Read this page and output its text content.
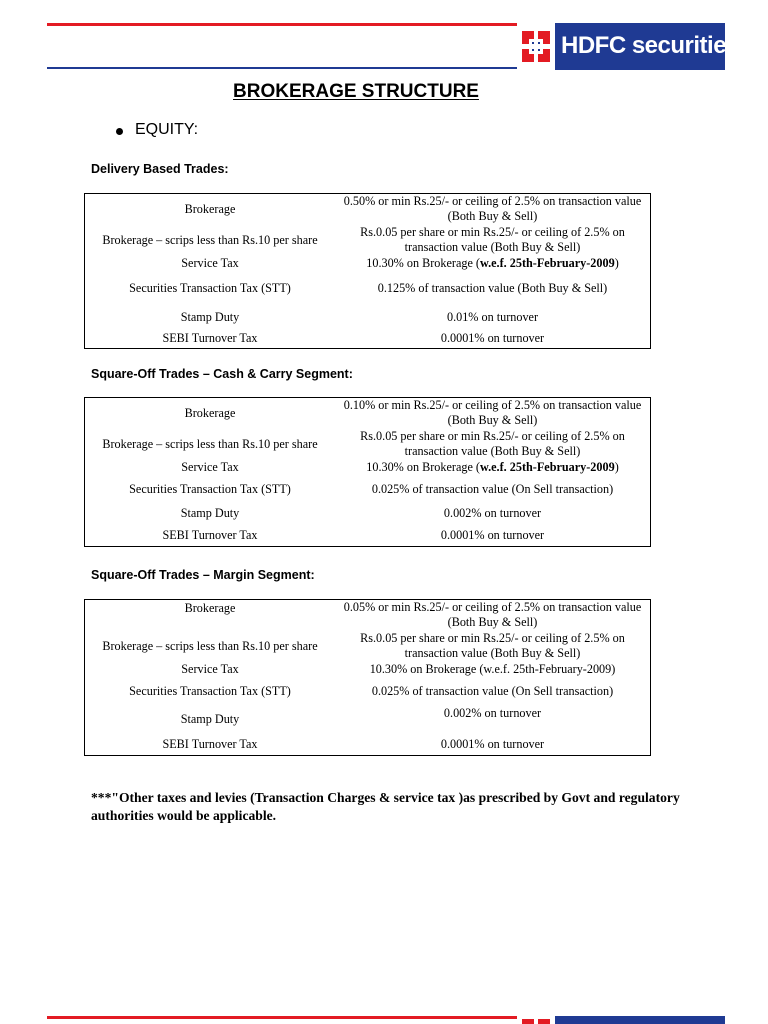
HDFC securities
BROKERAGE STRUCTURE
EQUITY:
Delivery Based Trades:
Brokerage	0.50% or min Rs.25/- or ceiling of 2.5% on transaction value (Both Buy & Sell)
Brokerage – scrips less than Rs.10 per share	Rs.0.05 per share or min Rs.25/- or ceiling of 2.5% on transaction value (Both Buy & Sell)
Service Tax	10.30% on Brokerage (w.e.f. 25th-February-2009)
Securities Transaction Tax (STT)	0.125% of transaction value (Both Buy & Sell)
Stamp Duty	0.01% on turnover
SEBI Turnover Tax	0.0001% on turnover
Square-Off Trades – Cash & Carry Segment:
Brokerage	0.10% or min Rs.25/- or ceiling of 2.5% on transaction value (Both Buy & Sell)
Brokerage – scrips less than Rs.10 per share	Rs.0.05 per share or min Rs.25/- or ceiling of 2.5% on transaction value (Both Buy & Sell)
Service Tax	10.30% on Brokerage (w.e.f. 25th-February-2009)
Securities Transaction Tax (STT)	0.025% of transaction value (On Sell transaction)
Stamp Duty	0.002% on turnover
SEBI Turnover Tax	0.0001% on turnover
Square-Off Trades – Margin Segment:
Brokerage	0.05% or min Rs.25/- or ceiling of 2.5% on transaction value (Both Buy & Sell)
Brokerage – scrips less than Rs.10 per share	Rs.0.05 per share or min Rs.25/- or ceiling of 2.5% on transaction value (Both Buy & Sell)
Service Tax	10.30% on Brokerage (w.e.f. 25th-February-2009)
Securities Transaction Tax (STT)	0.025% of transaction value (On Sell transaction)
Stamp Duty	0.002% on turnover
SEBI Turnover Tax	0.0001% on turnover
***"Other taxes and levies (Transaction Charges & service tax )as prescribed by Govt and regulatory authorities would be applicable.
